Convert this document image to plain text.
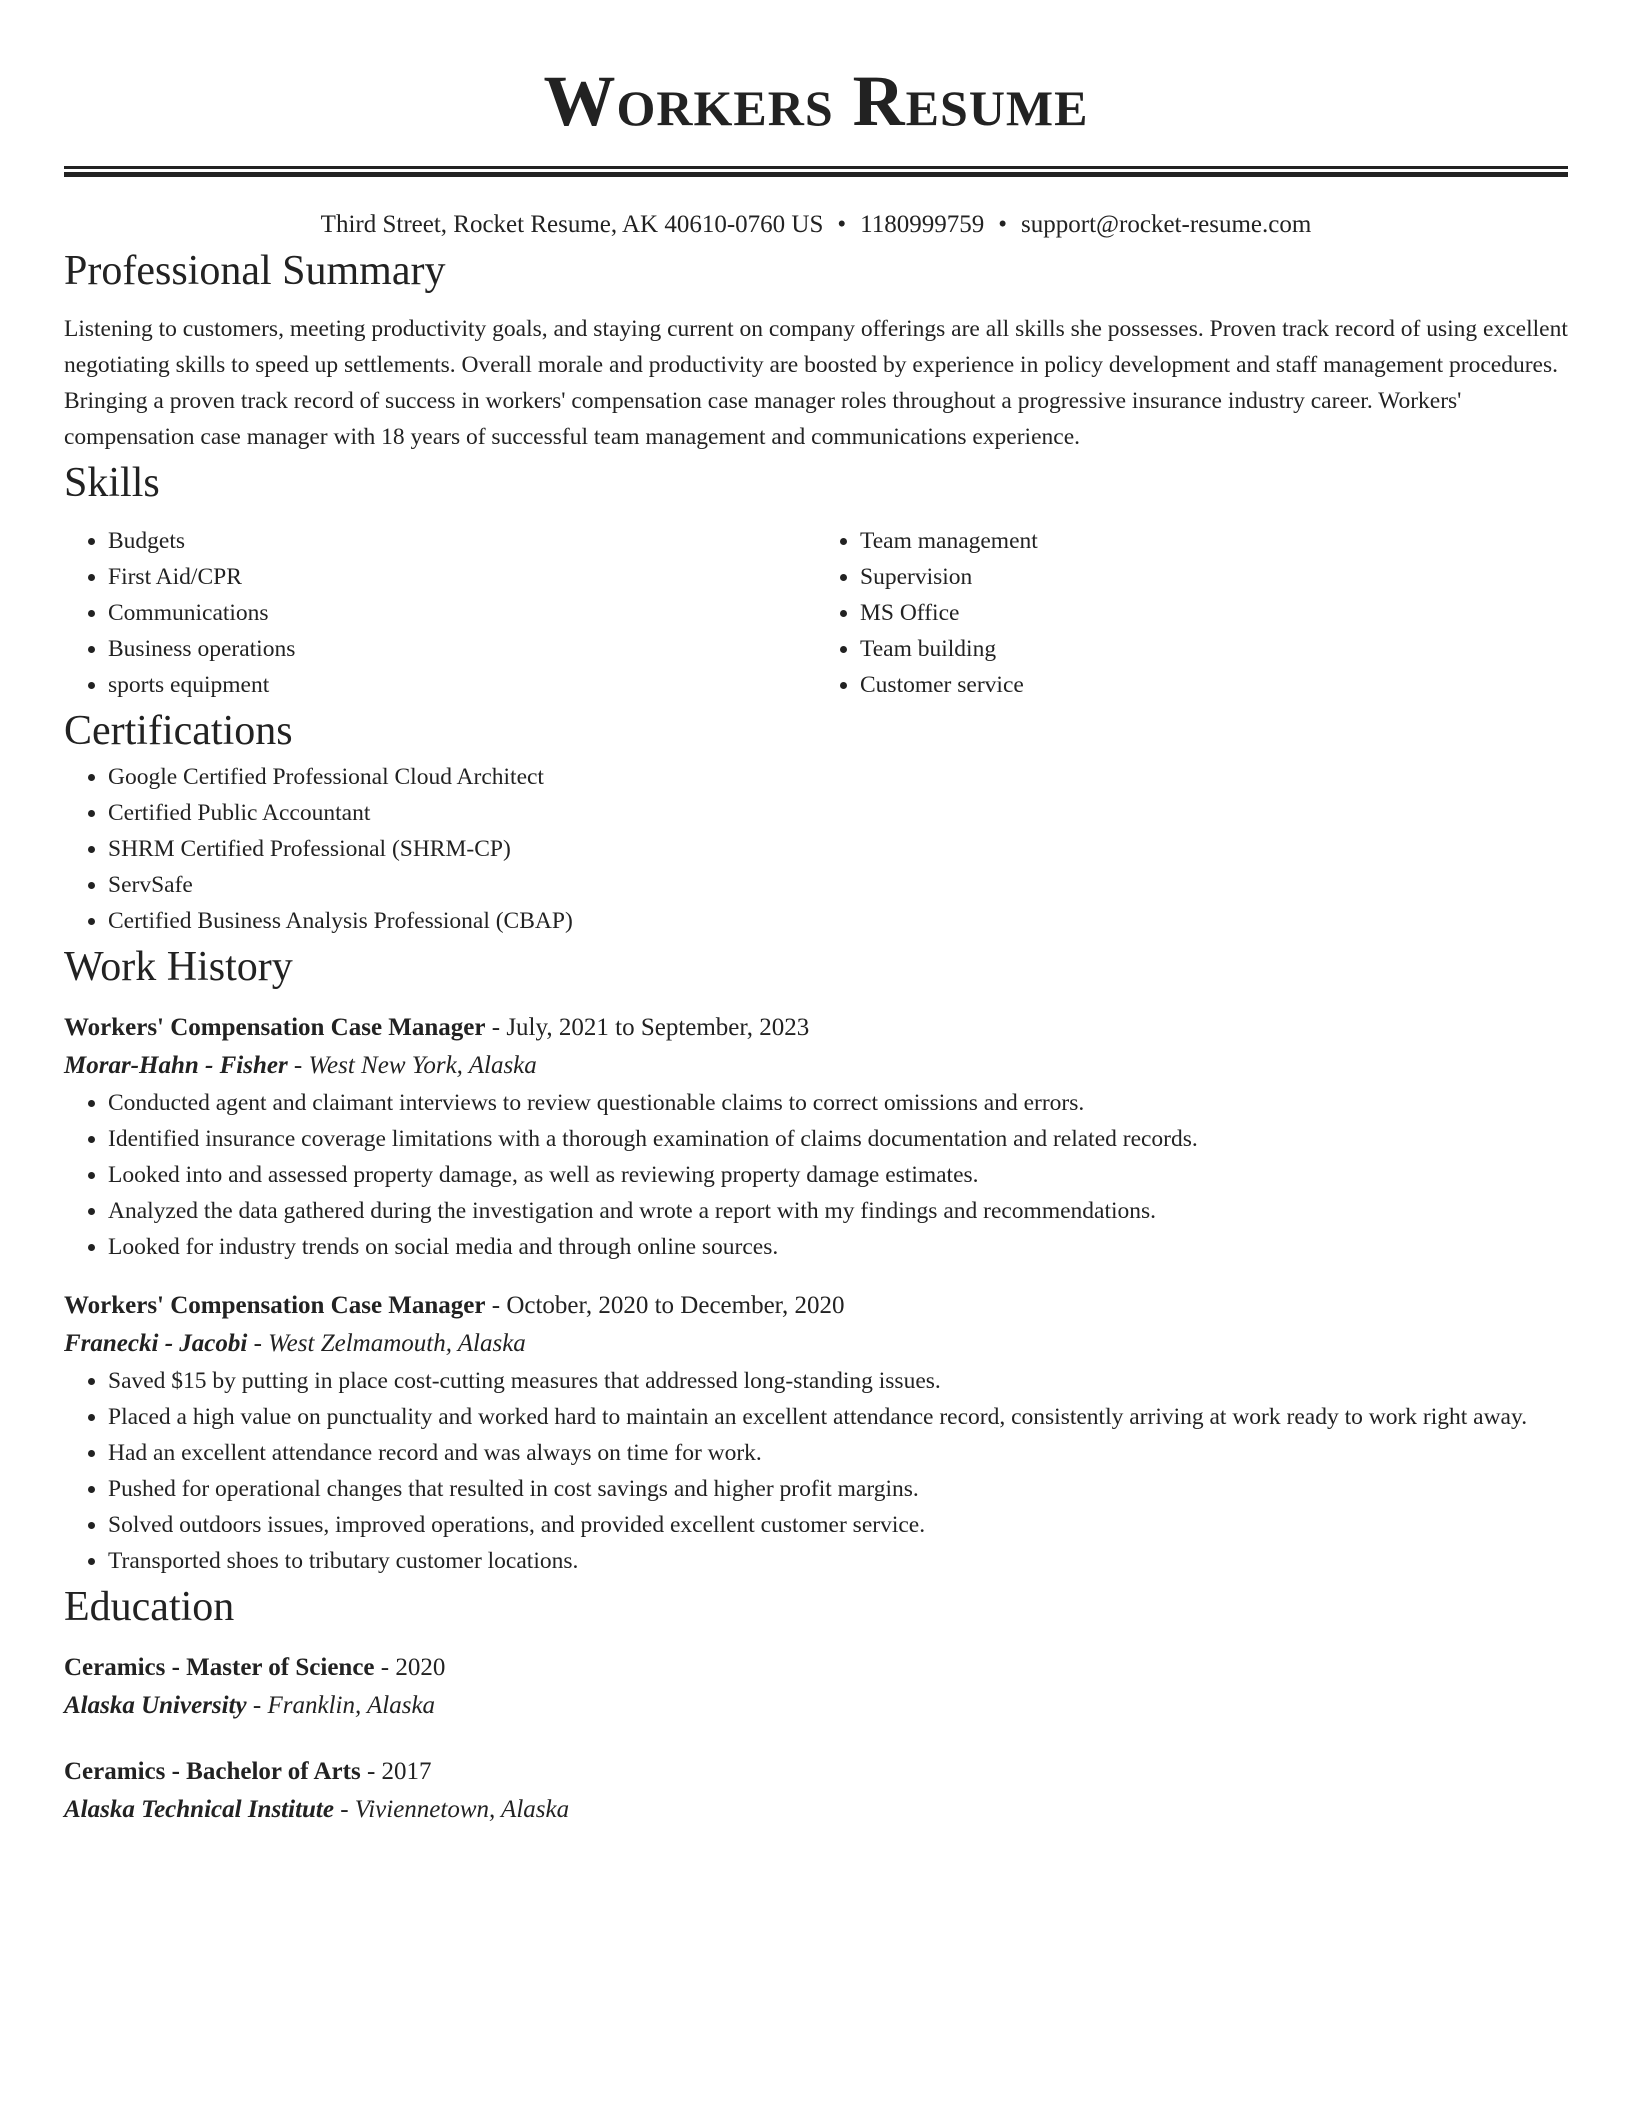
Workers Resume
Third Street, Rocket Resume, AK 40610-0760 US • 1180999759 • support@rocket-resume.com
Professional Summary

Listening to customers, meeting productivity goals, and staying current on company offerings are all skills she possesses. Proven track record of using excellent negotiating skills to speed up settlements. Overall morale and productivity are boosted by experience in policy development and staff management procedures. Bringing a proven track record of success in workers' compensation case manager roles throughout a progressive insurance industry career. Workers' compensation case manager with 18 years of successful team management and communications experience.

Skills
• Budgets
• First Aid/CPR
• Communications
• Business operations
• sports equipment
• Team management
• Supervision
• MS Office
• Team building
• Customer service
Certifications
• Google Certified Professional Cloud Architect
• Certified Public Accountant
• SHRM Certified Professional (SHRM-CP)
• ServSafe
• Certified Business Analysis Professional (CBAP)
Work History
Workers' Compensation Case Manager - July, 2021 to September, 2023
Morar-Hahn - Fisher - West New York, Alaska
• Conducted agent and claimant interviews to review questionable claims to correct omissions and errors.
• Identified insurance coverage limitations with a thorough examination of claims documentation and related records.
• Looked into and assessed property damage, as well as reviewing property damage estimates.
• Analyzed the data gathered during the investigation and wrote a report with my findings and recommendations.
• Looked for industry trends on social media and through online sources.
Workers' Compensation Case Manager - October, 2020 to December, 2020
Franecki - Jacobi - West Zelmamouth, Alaska
• Saved $15 by putting in place cost-cutting measures that addressed long-standing issues.
• Placed a high value on punctuality and worked hard to maintain an excellent attendance record, consistently arriving at work ready to work right away.
• Had an excellent attendance record and was always on time for work.
• Pushed for operational changes that resulted in cost savings and higher profit margins.
• Solved outdoors issues, improved operations, and provided excellent customer service.
• Transported shoes to tributary customer locations.
Education
Ceramics - Master of Science - 2020
Alaska University - Franklin, Alaska
Ceramics - Bachelor of Arts - 2017
Alaska Technical Institute - Viviennetown, Alaska
